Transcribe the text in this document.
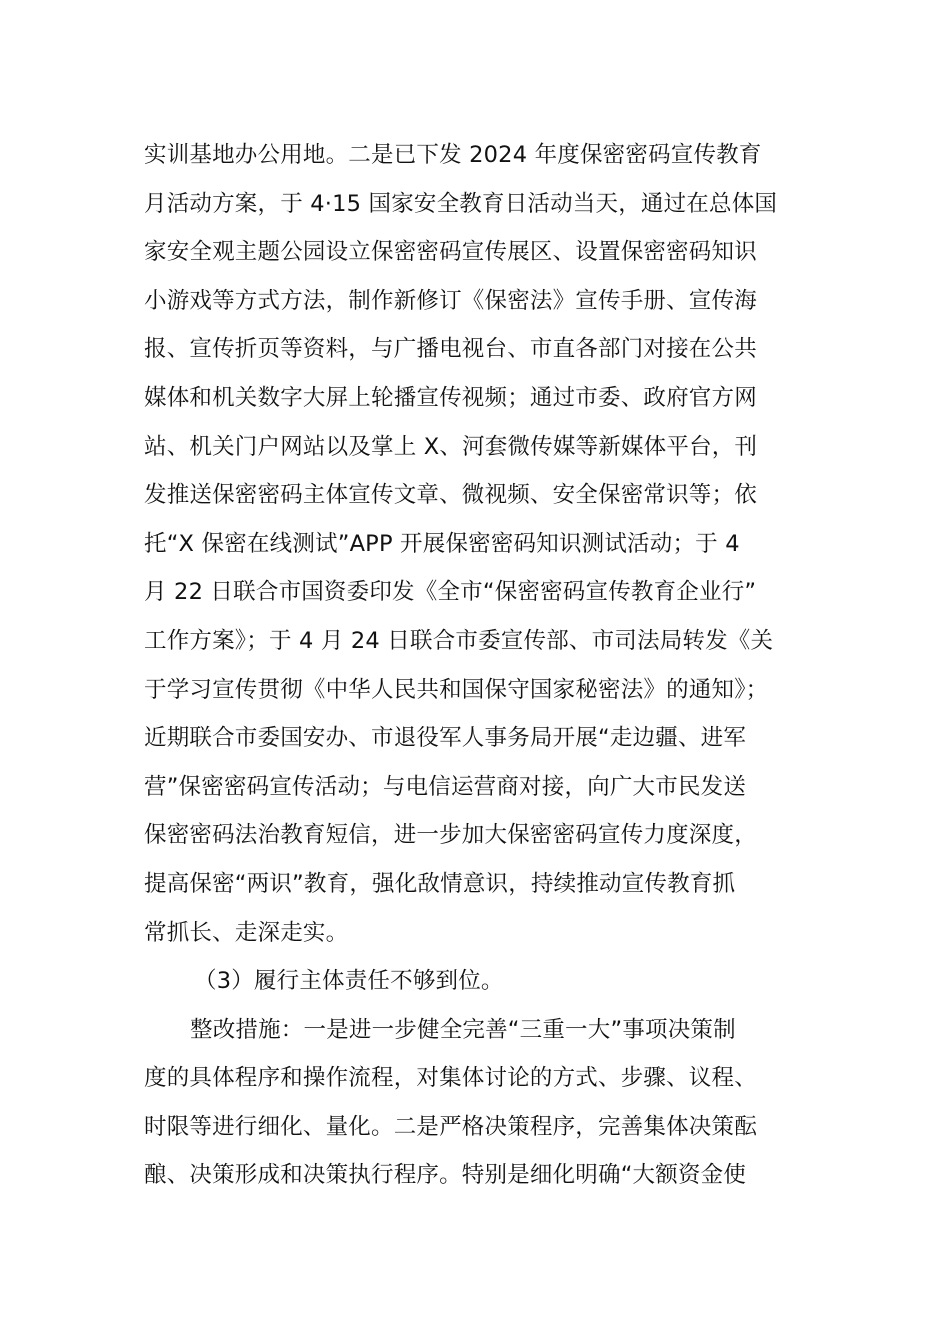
实训基地办公用地。二是已下发 2024 年度保密密码宣传教育
月活动方案，于 4·15 国家安全教育日活动当天，通过在总体国
家安全观主题公园设立保密密码宣传展区、设置保密密码知识
小游戏等方式方法，制作新修订《保密法》宣传手册、宣传海
报、宣传折页等资料，与广播电视台、市直各部门对接在公共
媒体和机关数字大屏上轮播宣传视频；通过市委、政府官方网
站、机关门户网站以及掌上 X、河套微传媒等新媒体平台，刊
发推送保密密码主体宣传文章、微视频、安全保密常识等；依
托“X 保密在线测试”APP 开展保密密码知识测试活动；于 4
月 22 日联合市国资委印发《全市“保密密码宣传教育企业行”
工作方案》；于 4 月 24 日联合市委宣传部、市司法局转发《关
于学习宣传贯彻《中华人民共和国保守国家秘密法》的通知》；
近期联合市委国安办、市退役军人事务局开展“走边疆、进军
营”保密密码宣传活动；与电信运营商对接，向广大市民发送
保密密码法治教育短信，进一步加大保密密码宣传力度深度，
提高保密“两识”教育，强化敌情意识，持续推动宣传教育抓
常抓长、走深走实。
（3）履行主体责任不够到位。
整改措施：一是进一步健全完善“三重一大”事项决策制
度的具体程序和操作流程，对集体讨论的方式、步骤、议程、
时限等进行细化、量化。二是严格决策程序，完善集体决策酝
酿、决策形成和决策执行程序。特别是细化明确“大额资金使
